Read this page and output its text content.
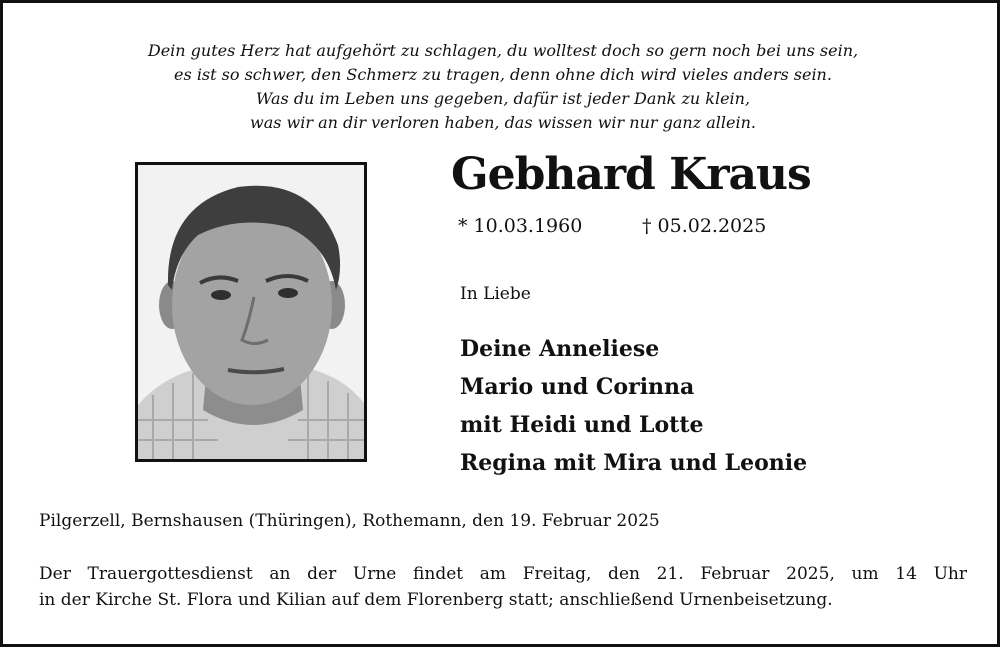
Dein gutes Herz hat aufgehört zu schlagen, du wolltest doch so gern noch bei uns sein,
es ist so schwer, den Schmerz zu tragen, denn ohne dich wird vieles anders sein.
Was du im Leben uns gegeben, dafür ist jeder Dank zu klein,
was wir an dir verloren haben, das wissen wir nur ganz allein.
Gebhard Kraus
* 10.03.1960	† 05.02.2025
In Liebe
Deine Anneliese
Mario und Corinna
mit Heidi und Lotte
Regina mit Mira und Leonie
Pilgerzell, Bernshausen (Thüringen), Rothemann, den 19. Februar 2025
Der Trauergottesdienst an der Urne findet am Freitag, den 21. Februar 2025, um 14 Uhr
in der Kirche St. Flora und Kilian auf dem Florenberg statt; anschließend Urnenbeisetzung.
